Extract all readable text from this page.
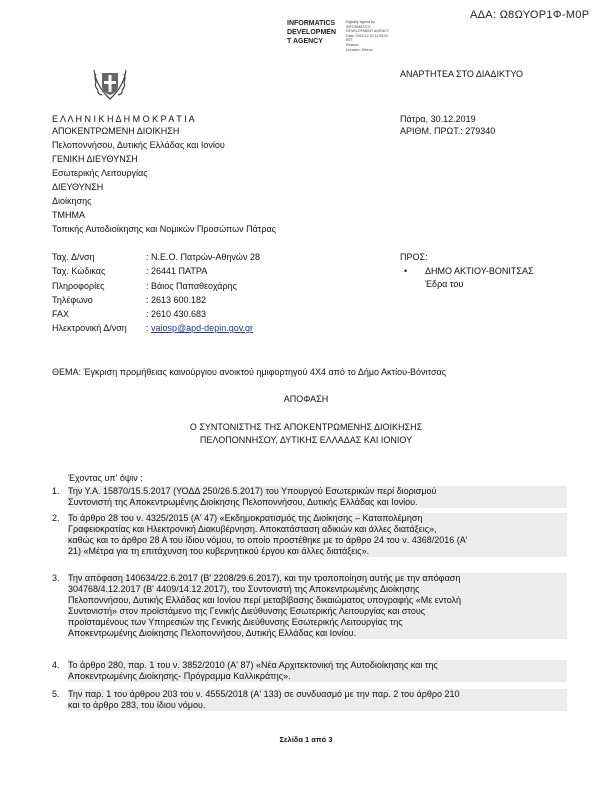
ΑΔΑ: Ω8ΩΥΟΡ1Φ-Μ0Ρ
INFORMATICS
DEVELOPMEN
T AGENCY
Digitally signed by
INFORMATICS
DEVELOPMENT AGENCY
Date: 2019.12.30 11:55:02
EET
Reason:
Location: Athens
ΑΝΑΡΤΗΤΕΑ ΣΤΟ ΔΙΑΔΙΚΤΥΟ
Ε Λ Λ Η Ν Ι Κ Η Δ Η Μ Ο Κ Ρ Α Τ Ι Α
ΑΠΟΚΕΝΤΡΩΜΕΝΗ ΔΙΟΙΚΗΣΗ
Πελοποννήσου, Δυτικής Ελλάδας και Ιονίου
ΓΕΝΙΚΗ ΔΙΕΥΘΥΝΣΗ
Εσωτερικής Λειτουργίας
ΔΙΕΥΘΥΝΣΗ
Διοίκησης
ΤΜΗΜΑ
Τοπικής Αυτοδιοίκησης και Νομικών Προσώπων Πάτρας
Πάτρα, 30.12.2019
ΑΡΙΘΜ. ΠΡΩΤ.: 279340
Ταχ. Δ/νση	: Ν.Ε.Ο. Πατρών-Αθηνών 28
Ταχ. Κώδικας	: 26441 ΠΑΤΡΑ
Πληροφορίες	: Βάιος Παπαθεοχάρης
Τηλέφωνο	: 2613 600.182
FAX	: 2610 430.683
Ηλεκτρονική Δ/νση : vaiosp@apd-depin.gov.gr
ΠΡΟΣ:
• ΔΗΜΟ ΑΚΤΙΟΥ-ΒΟΝΙΤΣΑΣ
Έδρα του
ΘΕΜΑ: Έγκριση προμήθειας καινούργιου ανοικτού ημιφορτηγού 4Χ4 από το Δήμο Ακτίου-Βόνιτσας
ΑΠΟΦΑΣΗ
Ο ΣΥΝΤΟΝΙΣΤΗΣ ΤΗΣ ΑΠΟΚΕΝΤΡΩΜΕΝΗΣ ΔΙΟΙΚΗΣΗΣ
ΠΕΛΟΠΟΝΝΗΣΟΥ, ΔΥΤΙΚΗΣ ΕΛΛΑΔΑΣ ΚΑΙ ΙΟΝΙΟΥ
Έχοντας υπ' όψιν :
1. Την Υ.Α. 15870/15.5.2017 (ΥΟΔΔ 250/26.5.2017) του Υπουργού Εσωτερικών περί διορισμού
Συντονιστή της Αποκεντρωμένης Διοίκησης Πελοποννήσου, Δυτικής Ελλάδας και Ιονίου.
2. Το άρθρο 28 του ν. 4325/2015 (Α' 47) «Εκδημοκρατισμός της Διοίκησης – Καταπολέμηση
Γραφειοκρατίας και Ηλεκτρονική Διακυβέρνηση. Αποκατάσταση αδικιών και άλλες διατάξεις»,
καθώς και το άρθρο 28 Α του ίδιου νόμου, το οποίο προστέθηκε με το άρθρο 24 του ν. 4368/2016 (Α'
21) «Μέτρα για τη επιτάχυνση του κυβερνητικού έργου και άλλες διατάξεις».
3. Την απόφαση 140634/22.6.2017 (Β' 2208/29.6.2017), και την τροποποίηση αυτής με την απόφαση
304768/4.12.2017 (Β' 4409/14.12.2017), του Συντονιστή της Αποκεντρωμένης Διοίκησης
Πελοποννήσου, Δυτικής Ελλάδας και Ιονίου περί μεταβίβασης δικαιώματος υπογραφής «Με εντολή
Συντονιστή» στον προϊστάμενο της Γενικής Διεύθυνσης Εσωτερικής Λειτουργίας και στους
προϊσταμένους των Υπηρεσιών της Γενικής Διεύθυνσης Εσωτερικής Λειτουργίας της
Αποκεντρωμένης Διοίκησης Πελοποννήσου, Δυτικής Ελλάδας και Ιονίου.
4. Το άρθρο 280, παρ. 1 του ν. 3852/2010 (Α' 87) «Νέα Αρχιτεκτονική της Αυτοδιοίκησης και της
Αποκεντρωμένης Διοίκησης- Πρόγραμμα Καλλικράτης».
5. Την παρ. 1 του άρθρου 203 του ν. 4555/2018 (Α' 133) σε συνδυασμό με την παρ. 2 του άρθρο 210
και το άρθρο 283, του ίδιου νόμου.
Σελίδα 1 από 3
